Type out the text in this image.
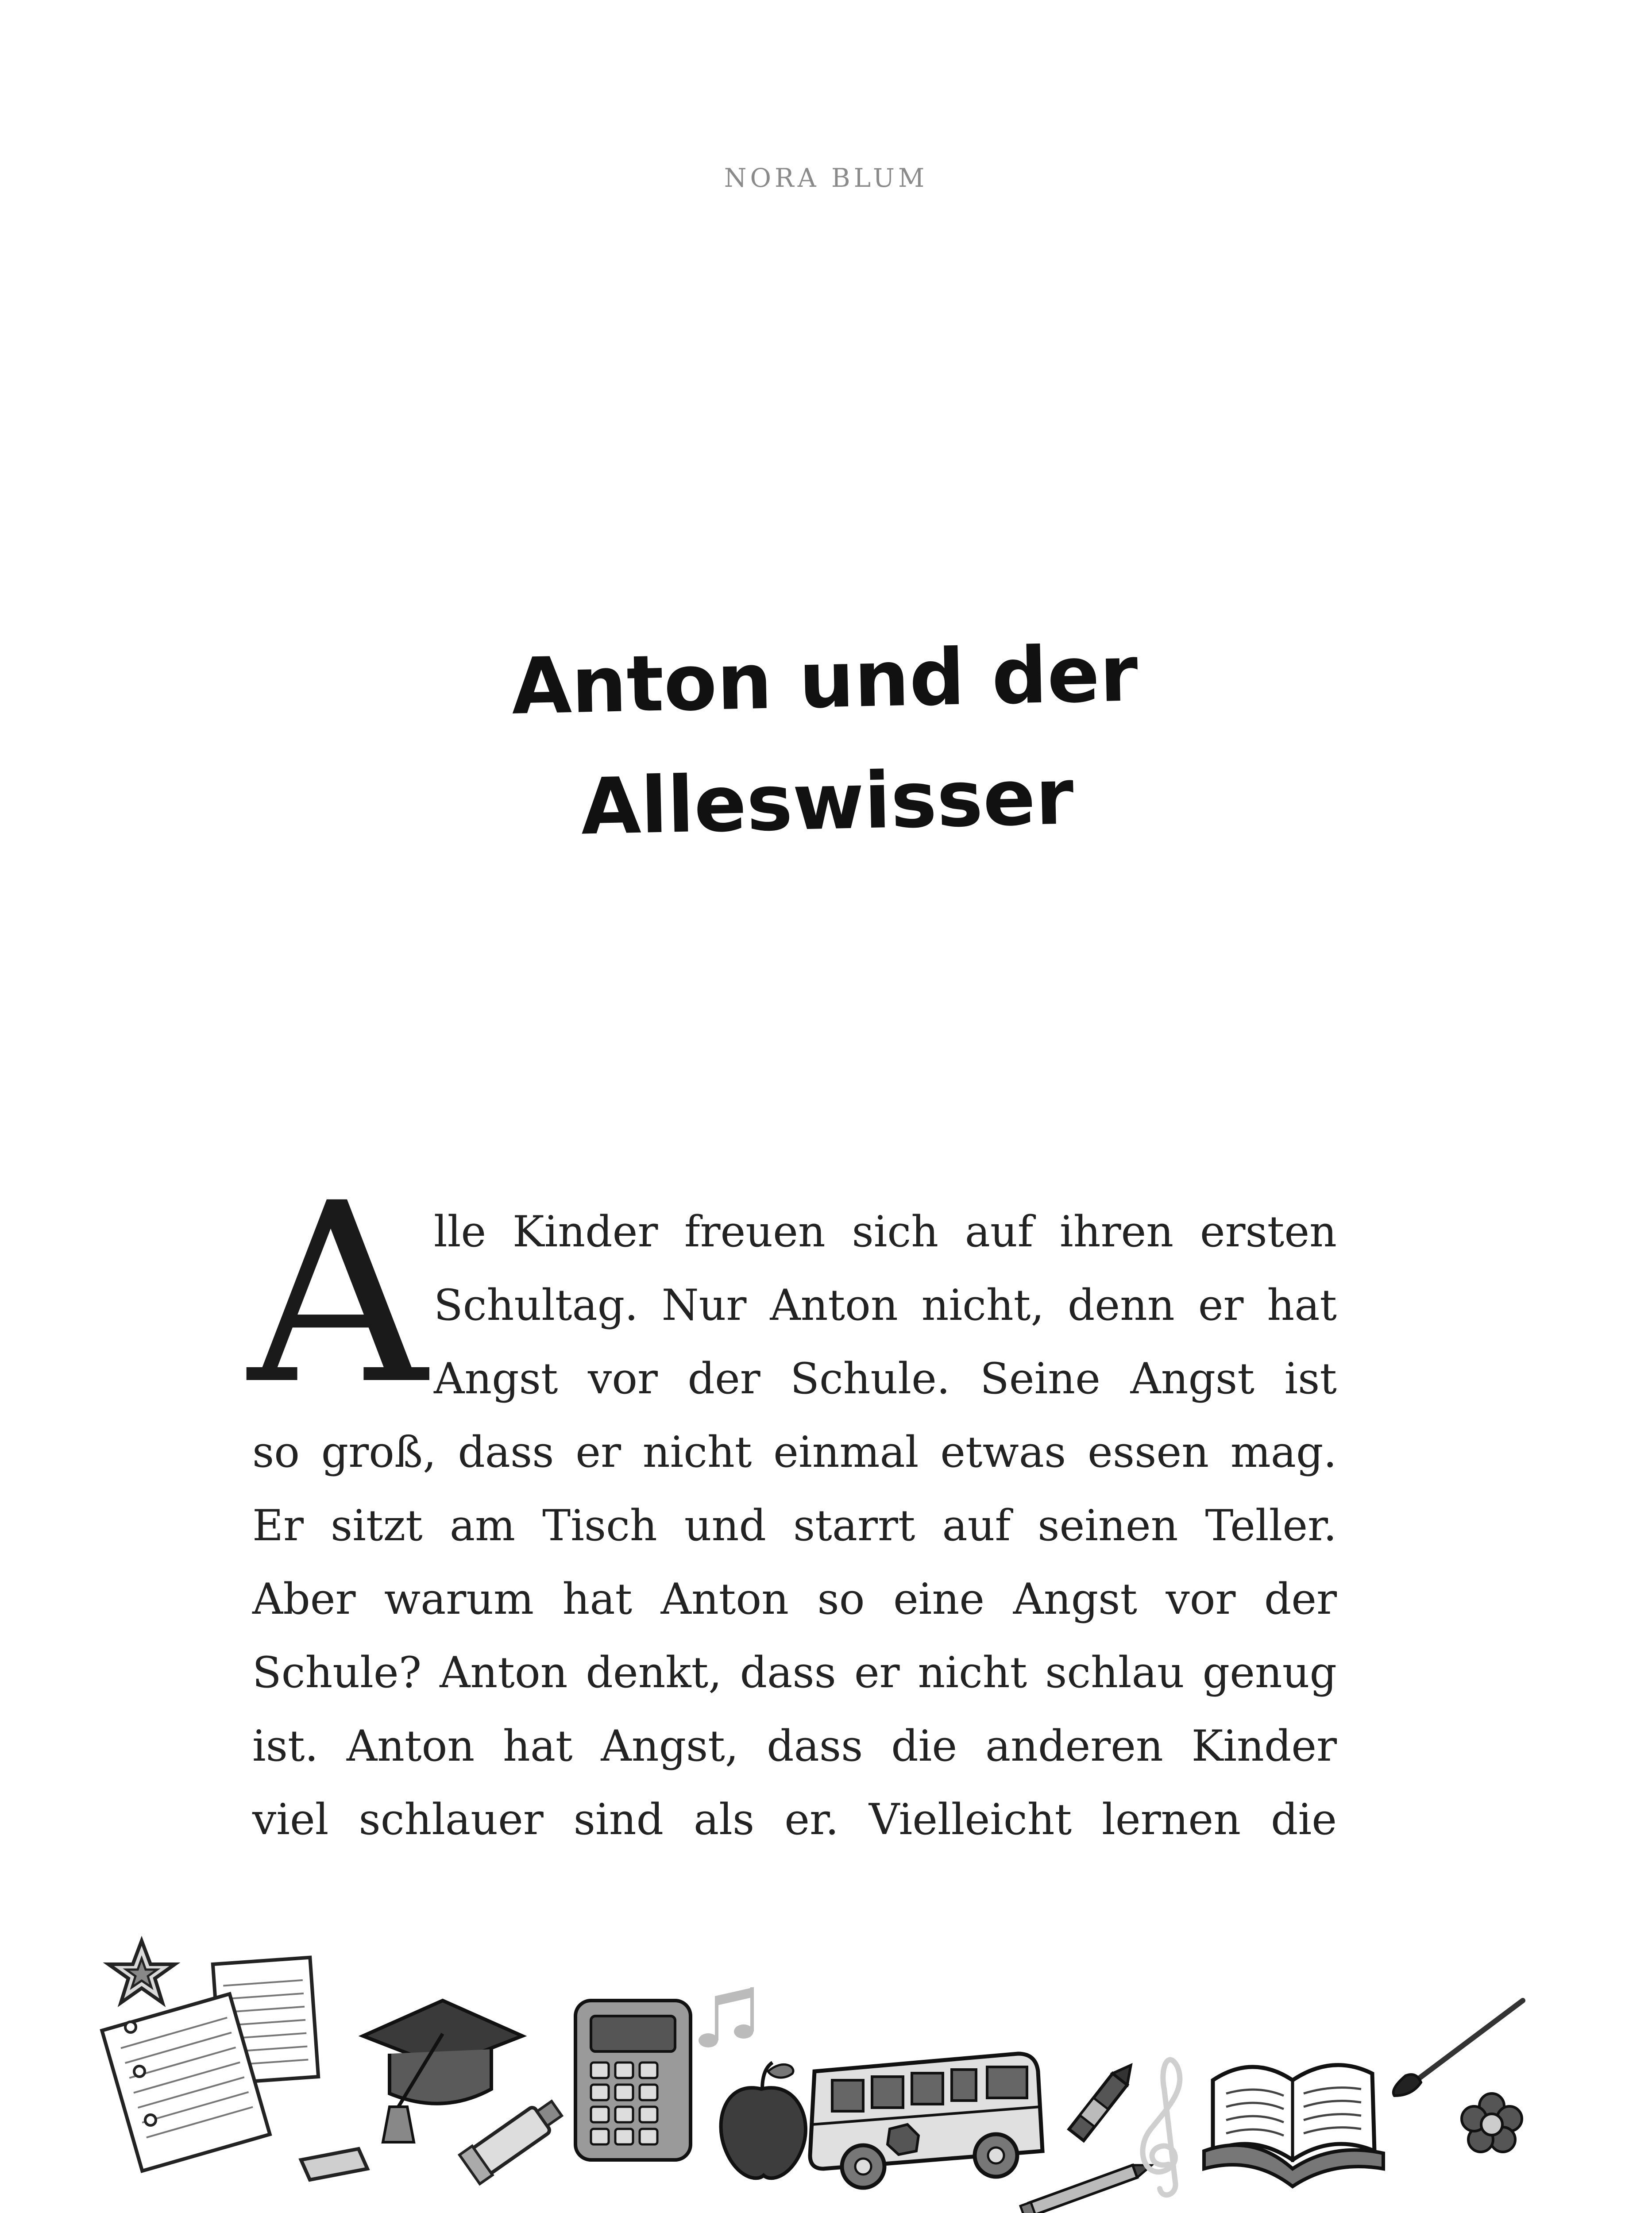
NORA BLUM
Anton und der
Alleswisser
A lle Kinder freuen sich auf ihren ersten
Schultag. Nur Anton nicht, denn er hat
Angst vor der Schule. Seine Angst ist
so groß, dass er nicht einmal etwas essen mag.
Er sitzt am Tisch und starrt auf seinen Teller.
Aber warum hat Anton so eine Angst vor der
Schule? Anton denkt, dass er nicht schlau genug
ist. Anton hat Angst, dass die anderen Kinder
viel schlauer sind als er. Vielleicht lernen die
